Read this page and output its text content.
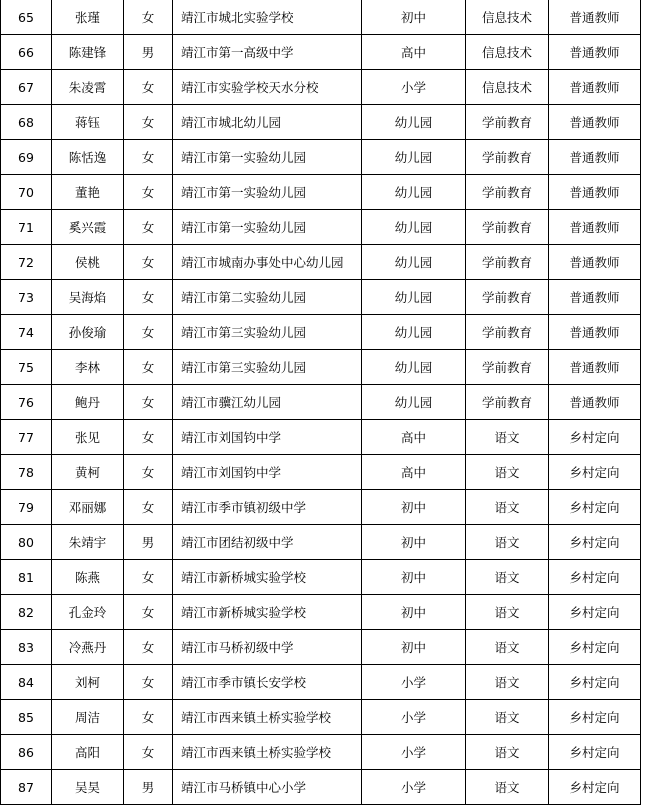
65	张瑾	女	靖江市城北实验学校	初中	信息技术	普通教师
66	陈建锋	男	靖江市第一高级中学	高中	信息技术	普通教师
67	朱凌霄	女	靖江市实验学校天水分校	小学	信息技术	普通教师
68	蒋钰	女	靖江市城北幼儿园	幼儿园	学前教育	普通教师
69	陈恬逸	女	靖江市第一实验幼儿园	幼儿园	学前教育	普通教师
70	董艳	女	靖江市第一实验幼儿园	幼儿园	学前教育	普通教师
71	奚兴霞	女	靖江市第一实验幼儿园	幼儿园	学前教育	普通教师
72	侯桃	女	靖江市城南办事处中心幼儿园	幼儿园	学前教育	普通教师
73	吴海焰	女	靖江市第二实验幼儿园	幼儿园	学前教育	普通教师
74	孙俊瑜	女	靖江市第三实验幼儿园	幼儿园	学前教育	普通教师
75	李林	女	靖江市第三实验幼儿园	幼儿园	学前教育	普通教师
76	鲍丹	女	靖江市骥江幼儿园	幼儿园	学前教育	普通教师
77	张见	女	靖江市刘国钧中学	高中	语文	乡村定向
78	黄柯	女	靖江市刘国钧中学	高中	语文	乡村定向
79	邓丽娜	女	靖江市季市镇初级中学	初中	语文	乡村定向
80	朱靖宇	男	靖江市团结初级中学	初中	语文	乡村定向
81	陈燕	女	靖江市新桥城实验学校	初中	语文	乡村定向
82	孔金玲	女	靖江市新桥城实验学校	初中	语文	乡村定向
83	冷燕丹	女	靖江市马桥初级中学	初中	语文	乡村定向
84	刘柯	女	靖江市季市镇长安学校	小学	语文	乡村定向
85	周洁	女	靖江市西来镇土桥实验学校	小学	语文	乡村定向
86	高阳	女	靖江市西来镇土桥实验学校	小学	语文	乡村定向
87	吴昊	男	靖江市马桥镇中心小学	小学	语文	乡村定向
